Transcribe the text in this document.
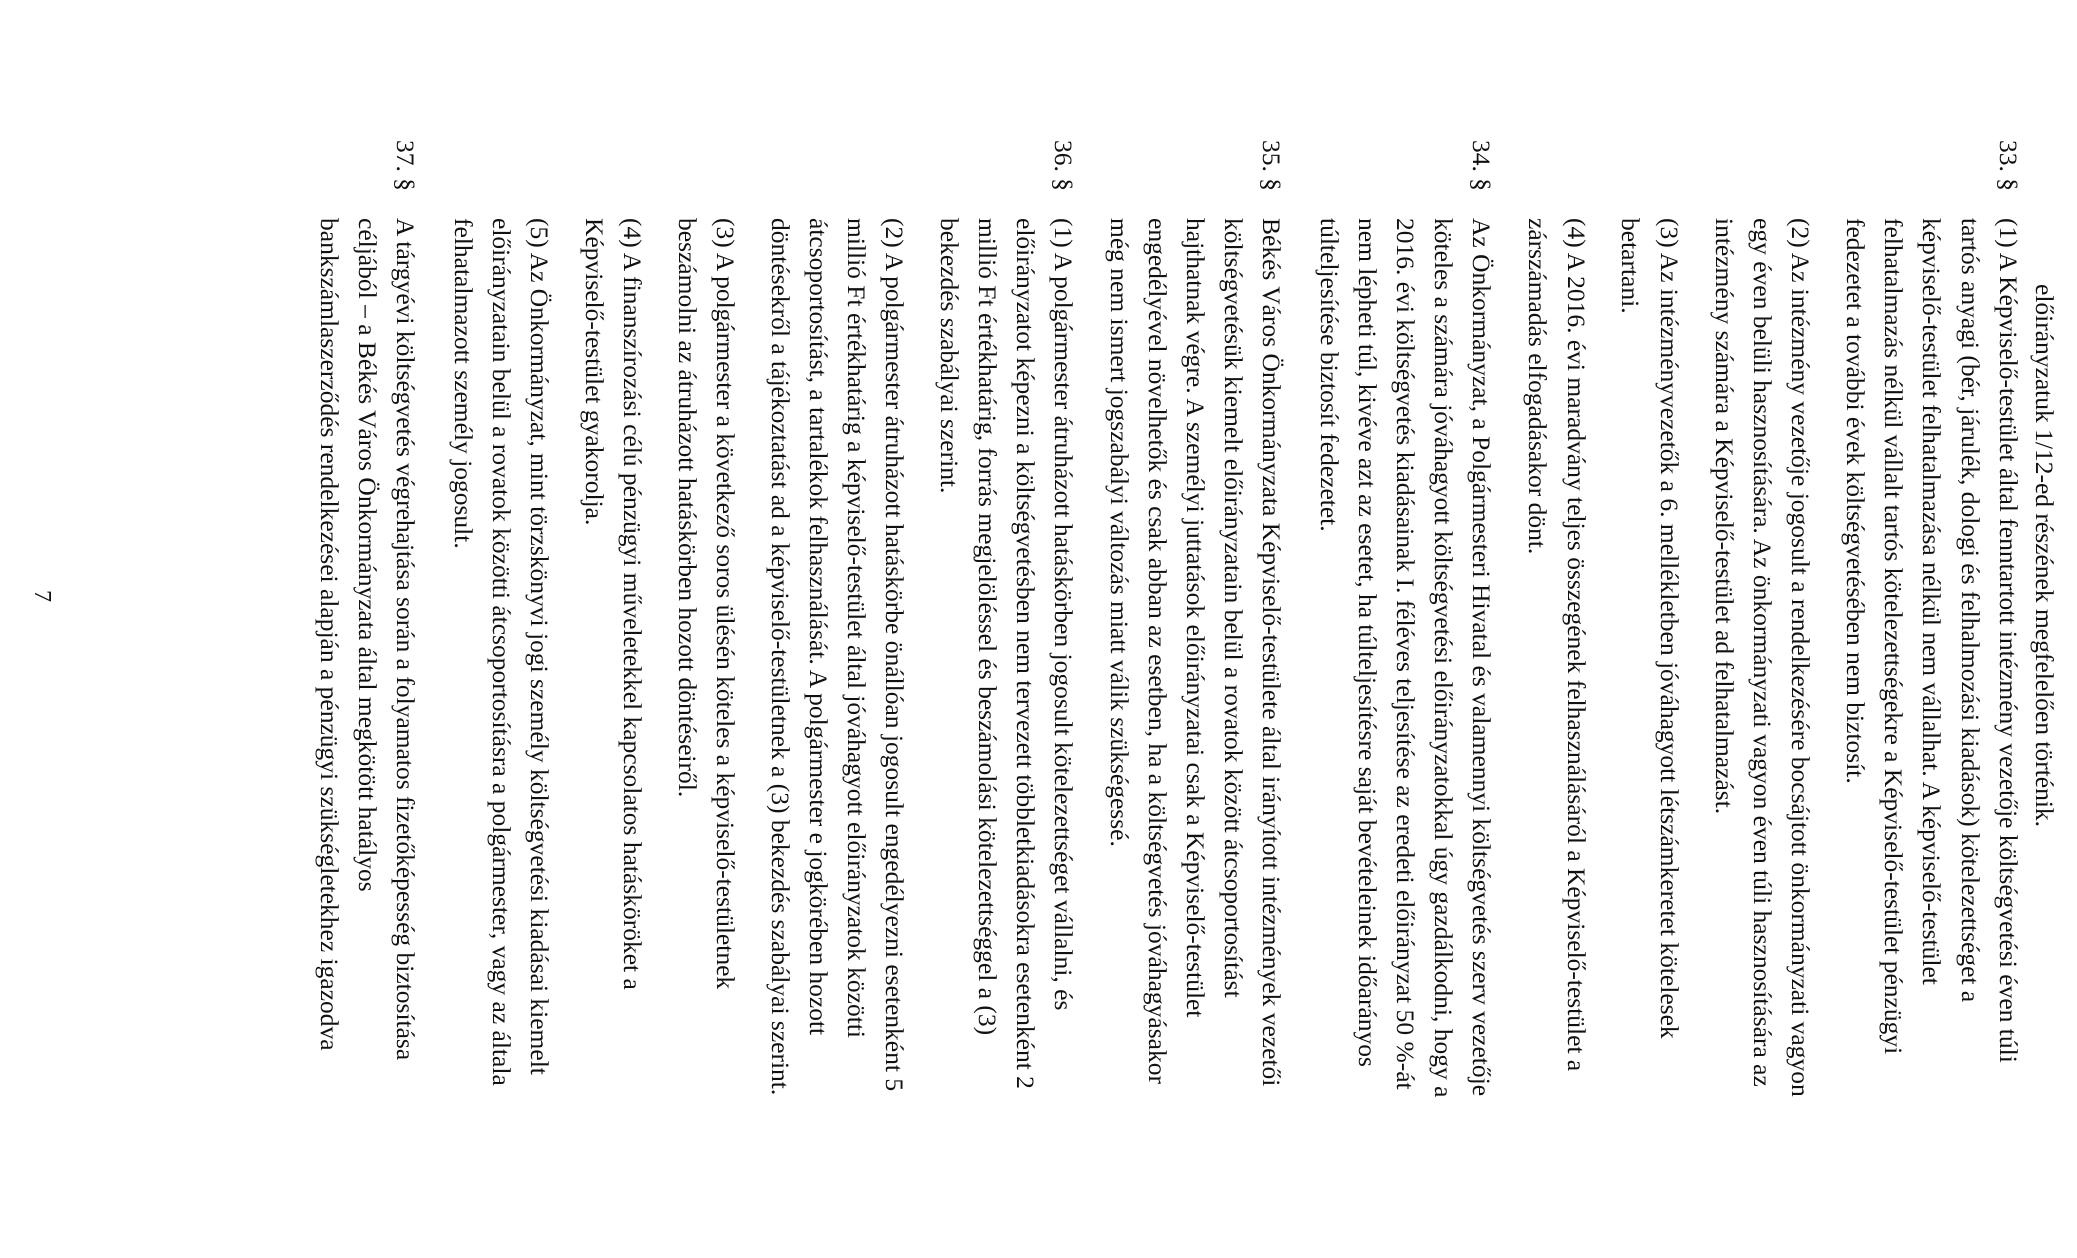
előirányzatuk 1/12-ed részének megfelelően történik.
33. §
(1) A Képviselő-testület által fenntartott intézmény vezetője költségvetési éven túli
tartós anyagi (bér, járulék, dologi és felhalmozási kiadások) kötelezettséget a
képviselő-testület felhatalmazása nélkül nem vállalhat. A képviselő-testület
felhatalmazás nélkül vállalt tartós kötelezettségekre a Képviselő-testület pénzügyi
fedezetet a további évek költségvetésében nem biztosít.
(2) Az intézmény vezetője jogosult a rendelkezésére bocsájtott önkormányzati vagyon
egy éven belüli hasznosítására. Az önkormányzati vagyon éven túli hasznosítására az
intézmény számára a Képviselő-testület ad felhatalmazást.
(3) Az intézményvezetők a 6. mellékletben jóváhagyott létszámkeretet kötelesek
betartani.
(4) A 2016. évi maradvány teljes összegének felhasználásáról a Képviselő-testület a
zárszámadás elfogadásakor dönt.
34. §
Az Önkormányzat, a Polgármesteri Hivatal és valamennyi költségvetés szerv vezetője
köteles a számára jóváhagyott költségvetési előirányzatokkal úgy gazdálkodni, hogy a
2016. évi költségvetés kiadásainak I. féléves teljesítése az eredeti előirányzat 50 %-át
nem lépheti túl, kivéve azt az esetet, ha túlteljesítésre saját bevételeinek időarányos
túlteljesítése biztosít fedezetet.
35. §
Békés Város Önkormányzata Képviselő-testülete által irányított intézmények vezetői
költségvetésük kiemelt előirányzatain belül a rovatok között átcsoportosítást
hajthatnak végre. A személyi juttatások előirányzatai csak a Képviselő-testület
engedélyével növelhetők és csak abban az esetben, ha a költségvetés jóváhagyásakor
még nem ismert jogszabályi változás miatt válik szükségessé.
36. §
(1) A polgármester átruházott hatáskörben jogosult kötelezettséget vállalni, és
előirányzatot képezni a költségvetésben nem tervezett többletkiadásokra esetenként 2
millió Ft értékhatárig, forrás megjelöléssel és beszámolási kötelezettséggel a (3)
bekezdés szabályai szerint.
(2) A polgármester átruházott hatáskörbe önállóan jogosult engedélyezni esetenként 5
millió Ft értékhatárig a képviselő-testület által jóváhagyott előirányzatok közötti
átcsoportosítást, a tartalékok felhasználását. A polgármester e jogkörében hozott
döntésekről a tájékoztatást ad a képviselő-testületnek a (3) bekezdés szabályai szerint.
(3) A polgármester a következő soros ülésén köteles a képviselő-testületnek
beszámolni az átruházott hatáskörben hozott döntéseiről.
(4) A finanszírozási célú pénzügyi műveletekkel kapcsolatos hatásköröket a
Képviselő-testület gyakorolja.
(5) Az Önkormányzat, mint törzskönyvi jogi személy költségvetési kiadásai kiemelt
előirányzatain belül a rovatok közötti átcsoportosításra a polgármester, vagy az általa
felhatalmazott személy jogosult.
37. §
A tárgyévi költségvetés végrehajtása során a folyamatos fizetőképesség biztosítása
céljából – a Békés Város Önkormányzata által megkötött hatályos
bankszámlaszerződés rendelkezései alapján a pénzügyi szükségletekhez igazodva
7
